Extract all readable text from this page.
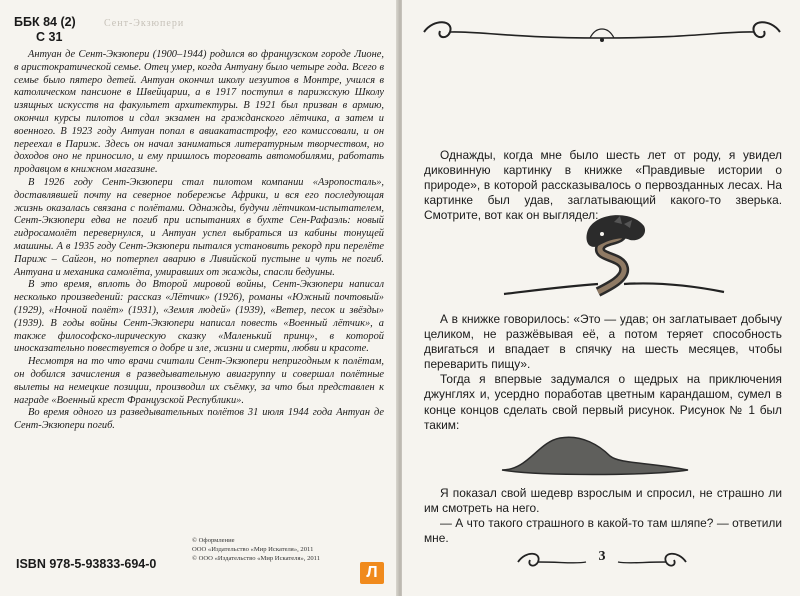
ББК 84 (2)
С 31
Сент-Экзюпери

Антуан де Сент-Экзюпери (1900–1944) родился во французском городе Лионе, в аристократической семье. Отец умер, когда Антуану было четыре года. Всего в семье было пятеро детей. Антуан окончил школу иезуитов в Монтре, учился в католическом пансионе в Швейцарии, а в 1917 поступил в парижскую Школу изящных искусств на факультет архитектуры. В 1921 был призван в армию, окончил курсы пилотов и сдал экзамен на гражданского лётчика, а затем и военного. В 1923 году Антуан попал в авиакатастрофу, его комиссовали, и он переехал в Париж. Здесь он начал заниматься литературным творчеством, но доходов оно не приносило, и ему пришлось торговать автомобилями, работать продавцом в книжном магазине.

В 1926 году Сент-Экзюпери стал пилотом компании «Аэропосталь», доставлявшей почту на северное побережье Африки, и вся его последующая жизнь оказалась связана с полётами. Однажды, будучи лётчиком-испытателем, Сент-Экзюпери едва не погиб при испытаниях в бухте Сен-Рафаэль: новый гидросамолёт перевернулся, и Антуан успел выбраться из кабины тонущей машины. А в 1935 году Сент-Экзюпери пытался установить рекорд при перелёте Париж – Сайгон, но потерпел аварию в Ливийской пустыне и чуть не погиб. Антуана и механика самолёта, умиравших от жажды, спасли бедуины.

В это время, вплоть до Второй мировой войны, Сент-Экзюпери написал несколько произведений: рассказ «Лётчик» (1926), романы «Южный почтовый» (1929), «Ночной полёт» (1931), «Земля людей» (1939), «Ветер, песок и звёзды» (1939). В годы войны Сент-Экзюпери написал повесть «Военный лётчик», а также философско-лирическую сказку «Маленький принц», в которой иносказательно повествуется о добре и зле, жизни и смерти, любви и красоте.

Несмотря на то что врачи считали Сент-Экзюпери непригодным к полётам, он добился зачисления в разведывательную авиагруппу и совершал полётные вылеты на немецкие позиции, производил их съёмку, за что был представлен к награде «Военный крест Французской Республики».

Во время одного из разведывательных полётов 31 июля 1944 года Антуан де Сент-Экзюпери погиб.

© Оформление
ООО «Издательство «Мир Искателя», 2011
© ООО «Издательство «Мир Искателя», 2011
ISBN 978-5-93833-694-0

Однажды, когда мне было шесть лет от роду, я увидел диковинную картинку в книжке «Правдивые истории о природе», в которой рассказывалось о первозданных лесах. На картинке был удав, заглатывающий какого-то зверька. Смотрите, вот как он выглядел:

А в книжке говорилось: «Это — удав; он заглатывает добычу целиком, не разжёвывая её, а потом теряет способность двигаться и впадает в спячку на шесть месяцев, чтобы переварить пищу».

Тогда я впервые задумался о щедрых на приключения джунглях и, усердно поработав цветным карандашом, сумел в конце концов сделать свой первый рисунок. Рисунок № 1 был таким:

Я показал свой шедевр взрослым и спросил, не страшно ли им смотреть на него.

— А что такого страшного в какой-то там шляпе? — ответили мне.

3
Л
